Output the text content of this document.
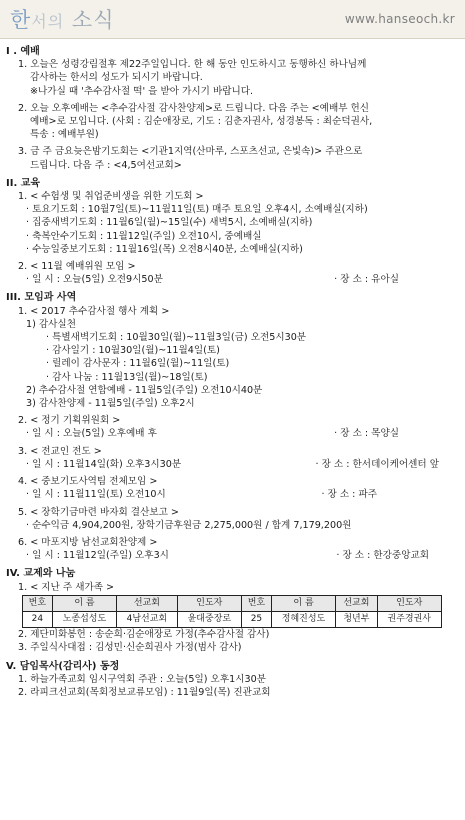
한서의 소식	www.hanseoch.kr
I . 예배
1. 오늘은 성령강림절후 제22주일입니다. 한 해 동안 인도하시고 동행하신 하나님께
감사하는 한서의 성도가 되시기 바랍니다.
※나가실 때 '추수감사절 떡' 을 받아 가시기 바랍니다.
2. 오늘 오후예배는 <추수감사절 감사찬양제>로 드립니다. 다음 주는 <예배부 헌신
예배>로 모입니다. (사회 : 김순애장로, 기도 : 김춘자권사, 성경봉독 : 최순덕권사,
특송 : 예배부원)
3. 금 주 금요늦은밤기도회는 <기관1지역(산마루, 스포츠선교, 은빛속)> 주관으로
드립니다. 다음 주 : <4,5여선교회>
II. 교육
1. < 수험생 및 취업준비생을 위한 기도회 >
· 토요기도회 : 10월7일(토)~11월11일(토) 매주 토요일 오후4시, 소예배실(지하)
· 집중새벽기도회 : 11월6일(월)~15일(수) 새벽5시, 소예배실(지하)
· 축복안수기도회 : 11월12일(주일) 오전10시, 중예배실
· 수능일중보기도회 : 11월16일(목) 오전8시40분, 소예배실(지하)
2. < 11월 예배위원 모임 >
· 일 시 : 오늘(5일) 오전9시50분	· 장 소 : 유아실
III. 모임과 사역
1. < 2017 추수감사절 행사 계획 >
1) 감사실천
· 특별새벽기도회 : 10월30일(월)~11월3일(금) 오전5시30분
· 감사일기 : 10월30일(월)~11월4일(토)
· 릴레이 감사문자 : 11월6일(월)~11일(토)
· 감사 나눔 : 11월13일(월)~18일(토)
2) 추수감사절 연합예배 - 11월5일(주일) 오전10시40분
3) 감사찬양제 - 11월5일(주일) 오후2시
2. < 정기 기획위원회 >
· 일 시 : 오늘(5일) 오후예배 후	· 장 소 : 목양실
3. < 전교인 전도 >
· 일 시 : 11월14일(화) 오후3시30분	· 장 소 : 한서데이케어센터 앞
4. < 중보기도사역팀 전체모임 >
· 일 시 : 11월11일(토) 오전10시	· 장 소 : 파주
5. < 장학기금마련 바자회 결산보고 >
· 순수익금 4,904,200원, 장학기금후원금 2,275,000원 / 합계 7,179,200원
6. < 마포지방 남선교회찬양제 >
· 일 시 : 11월12일(주일) 오후3시	· 장 소 : 한강중앙교회
IV. 교제와 나눔
1. < 지난 주 새가족 >
번호	이 름	선교회	인도자	번호	이 름	선교회	인도자
24	노종섭성도	4남선교회	윤대중장로	25	정혜진성도	청년부	권주경권사
2. 제단미화봉헌 : 송순희·김순애장로 가정(추수감사절 감사)
3. 주일식사대접 : 김성민·신순희권사 가정(범사 감사)
V. 담임목사(감리사) 동정
1. 하늘가족교회 임시구역회 주관 : 오늘(5일) 오후1시30분
2. 라피크선교회(목회정보교류모임) : 11월9일(목) 진관교회
